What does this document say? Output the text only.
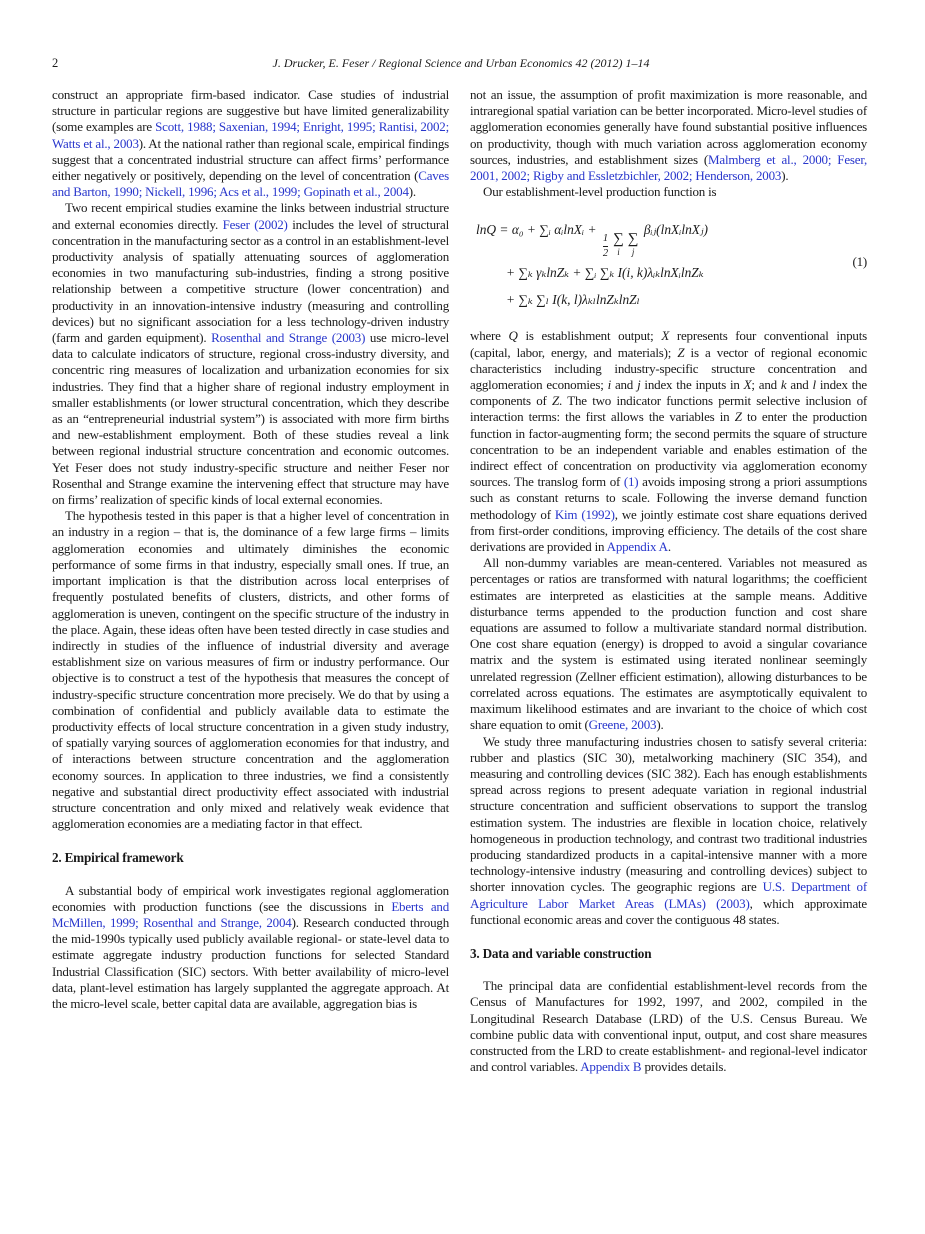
2	J. Drucker, E. Feser / Regional Science and Urban Economics 42 (2012) 1–14

construct an appropriate firm-based indicator. Case studies of industrial structure in particular regions are suggestive but have limited generalizability (some examples are Scott, 1988; Saxenian, 1994; Enright, 1995; Rantisi, 2002; Watts et al., 2003). At the national rather than regional scale, empirical findings suggest that a concentrated industrial structure can affect firms’ performance either negatively or positively, depending on the level of concentration (Caves and Barton, 1990; Nickell, 1996; Acs et al., 1999; Gopinath et al., 2004).

Two recent empirical studies examine the links between industrial structure and external economies directly. Feser (2002) includes the level of structural concentration in the manufacturing sector as a control in an establishment-level productivity analysis of spatially attenuating sources of agglomeration economies in two manufacturing sub-industries, finding a strong positive relationship between a competitive structure (lower concentration) and productivity in an innovation-intensive industry (measuring and controlling devices) but no significant association for a less technology-driven industry (farm and garden equipment). Rosenthal and Strange (2003) use micro-level data to calculate indicators of structure, regional cross-industry diversity, and concentric ring measures of localization and urbanization economies for six industries. They find that a higher share of regional industry employment in smaller establishments (or lower structural concentration, which they describe as an “entrepreneurial industrial system”) is associated with more firm births and new-establishment employment. Both of these studies reveal a link between regional industrial structure concentration and economic outcomes. Yet Feser does not study industry-specific structure and neither Feser nor Rosenthal and Strange examine the intervening effect that structure may have on firms’ realization of specific kinds of local external economies.

The hypothesis tested in this paper is that a higher level of concentration in an industry in a region – that is, the dominance of a few large firms – limits agglomeration economies and ultimately diminishes the economic performance of some firms in that industry, especially small ones. If true, an important implication is that the distribution across local enterprises of frequently postulated benefits of clusters, districts, and other forms of agglomeration is uneven, contingent on the specific structure of the industry in the place. Again, these ideas often have been tested directly in case studies and indirectly in studies of the influence of industrial diversity and average establishment size on various measures of firm or industry performance. Our objective is to construct a test of the hypothesis that measures the concept of industry-specific structure concentration more precisely. We do that by using a combination of confidential and publicly available data to estimate the productivity effects of local structure concentration in a given study industry, of spatially varying sources of agglomeration economies for that industry, and of interactions between structure concentration and the agglomeration economy sources. In application to three industries, we find a consistently negative and substantial direct productivity effect associated with industrial structure concentration and only mixed and relatively weak evidence that agglomeration economies are a mediating factor in that effect.

2. Empirical framework

A substantial body of empirical work investigates regional agglomeration economies with production functions (see the discussions in Eberts and McMillen, 1999; Rosenthal and Strange, 2004). Research conducted through the mid-1990s typically used publicly available regional- or state-level data to estimate aggregate industry production functions for selected Standard Industrial Classification (SIC) sectors. With better availability of micro-level data, plant-level estimation has largely supplanted the aggregate approach. At the micro-level scale, better capital data are available, aggregation bias is

not an issue, the assumption of profit maximization is more reasonable, and intraregional spatial variation can be better incorporated. Micro-level studies of agglomeration economies generally have found substantial positive influences on productivity, though with much variation across agglomeration economy sources, industries, and establishment sizes (Malmberg et al., 2000; Feser, 2001, 2002; Rigby and Essletzbichler, 2002; Henderson, 2003).

Our establishment-level production function is

lnQ = α₀ + ∑ᵢ αᵢlnXᵢ +
$\frac{1}{2}$ ∑
i
∑
j
βᵢⱼ(lnXᵢlnXⱼ)
+ ∑ₖ γₖlnZₖ + ∑ᵢ ∑ₖ I(i, k)λᵢₖlnXᵢlnZₖ
+ ∑ₖ ∑ₗ I(k, l)λₖₗlnZₖlnZₗ
(1)

where Q is establishment output; X represents four conventional inputs (capital, labor, energy, and materials); Z is a vector of regional economic characteristics including industry-specific structure concentration and agglomeration economies; i and j index the inputs in X; and k and l index the components of Z. The two indicator functions permit selective inclusion of interaction terms: the first allows the variables in Z to enter the production function in factor-augmenting form; the second permits the square of structure concentration to be an independent variable and enables estimation of the indirect effect of concentration on productivity via agglomeration economy sources. The translog form of (1) avoids imposing strong a priori assumptions such as constant returns to scale. Following the inverse demand function methodology of Kim (1992), we jointly estimate cost share equations derived from first-order conditions, improving efficiency. The details of the cost share derivations are provided in Appendix A.

All non-dummy variables are mean-centered. Variables not measured as percentages or ratios are transformed with natural logarithms; the coefficient estimates are interpreted as elasticities at the sample means. Additive disturbance terms appended to the production function and cost share equations are assumed to follow a multivariate standard normal distribution. One cost share equation (energy) is dropped to avoid a singular covariance matrix and the system is estimated using iterated nonlinear seemingly unrelated regression (Zellner efficient estimation), allowing disturbances to be correlated across equations. The estimates are asymptotically equivalent to maximum likelihood estimates and are invariant to the choice of which cost share equation to omit (Greene, 2003).

We study three manufacturing industries chosen to satisfy several criteria: rubber and plastics (SIC 30), metalworking machinery (SIC 354), and measuring and controlling devices (SIC 382). Each has enough establishments spread across regions to present adequate variation in regional industrial structure concentration and sufficient observations to support the translog estimation system. The industries are flexible in location choice, relatively homogeneous in production technology, and contrast two traditional industries producing standardized products in a capital-intensive manner with a more technology-intensive industry (measuring and controlling devices) subject to shorter innovation cycles. The geographic regions are U.S. Department of Agriculture Labor Market Areas (LMAs) (2003), which approximate functional economic areas and cover the contiguous 48 states.

3. Data and variable construction

The principal data are confidential establishment-level records from the Census of Manufactures for 1992, 1997, and 2002, compiled in the Longitudinal Research Database (LRD) of the U.S. Census Bureau. We combine public data with conventional input, output, and cost share measures constructed from the LRD to create establishment- and regional-level indicator and control variables. Appendix B provides details.
